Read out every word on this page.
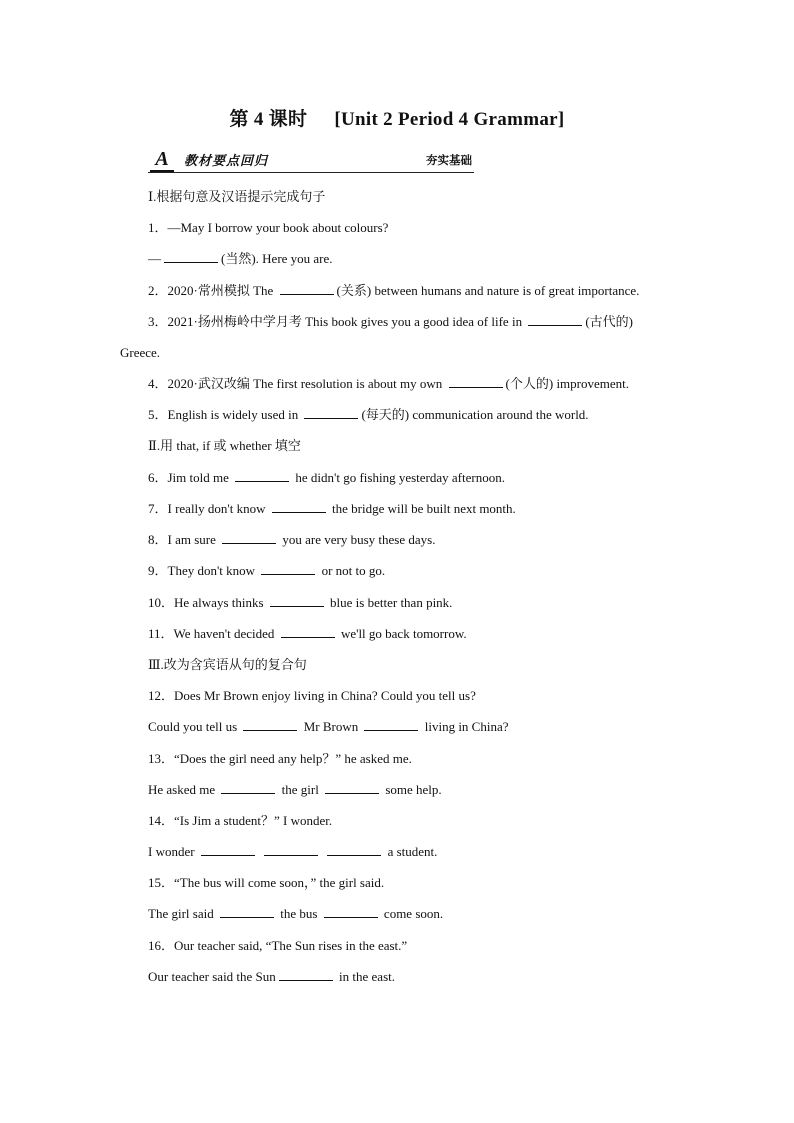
第 4 课时 [Unit 2 Period 4 Grammar]
A	教材要点回归	夯实基础
Ⅰ.根据句意及汉语提示完成句子
1．—May I borrow your book about colours?
—	(当然). Here you are.
2．2020·常州模拟 The	(关系) between humans and nature is of great importance.
3．2021·扬州梅岭中学月考 This book gives you a good idea of life in	(古代的)
Greece.
4．2020·武汉改编 The first resolution is about my own	(个人的) improvement.
5．English is widely used in	(每天的) communication around the world.
Ⅱ.用 that, if 或 whether 填空
6．Jim told me	he didn't go fishing yesterday afternoon.
7．I really don't know	the bridge will be built next month.
8．I am sure	you are very busy these days.
9．They don't know	or not to go.
10．He always thinks	blue is better than pink.
11．We haven't decided	we'll go back tomorrow.
Ⅲ.改为含宾语从句的复合句
12．Does Mr Brown enjoy living in China? Could you tell us?
Could you tell us	Mr Brown	living in China?
13．“Does the girl need any help？” he asked me.
He asked me	the girl	some help.
14．“Is Jim a student？” I wonder.
I wonder	a student.
15．“The bus will come soon，” the girl said.
The girl said	the bus	come soon.
16．Our teacher said, “The Sun rises in the east.”
Our teacher said the Sun	in the east.
